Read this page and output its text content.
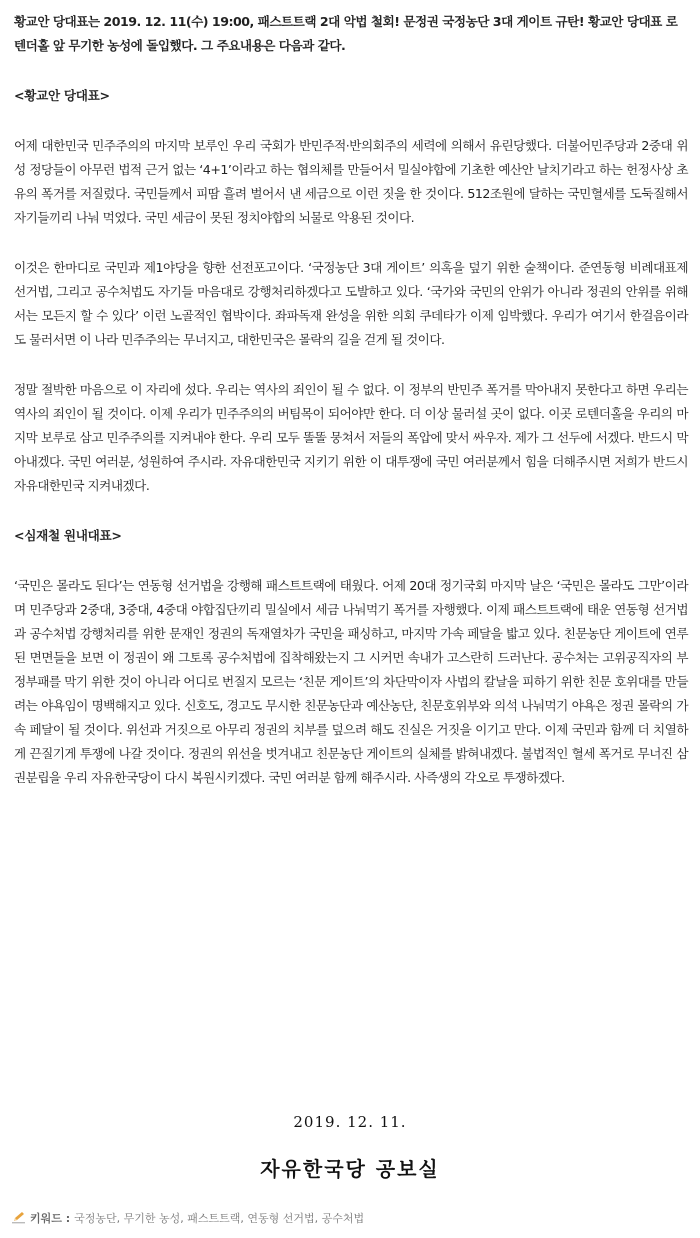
황교안 당대표는 2019. 12. 11(수) 19:00, 패스트트랙 2대 악법 철회! 문정권 국정농단 3대 게이트 규탄! 황교안 당대표 로텐더홀 앞 무기한 농성에 돌입했다. 그 주요내용은 다음과 같다.

<황교안 당대표>

어제 대한민국 민주주의의 마지막 보루인 우리 국회가 반민주적·반의회주의 세력에 의해서 유린당했다. 더불어민주당과 2중대 위성 정당들이 아무런 법적 근거 없는 ‘4+1’이라고 하는 협의체를 만들어서 밀실야합에 기초한 예산안 날치기라고 하는 헌정사상 초유의 폭거를 저질렀다. 국민들께서 피땀 흘려 벌어서 낸 세금으로 이런 짓을 한 것이다. 512조원에 달하는 국민혈세를 도둑질해서 자기들끼리 나눠 먹었다. 국민 세금이 못된 정치야합의 뇌물로 악용된 것이다.

이것은 한마디로 국민과 제1야당을 향한 선전포고이다. ‘국정농단 3대 게이트’ 의혹을 덮기 위한 술책이다. 준연동형 비례대표제 선거법, 그리고 공수처법도 자기들 마음대로 강행처리하겠다고 도발하고 있다. ‘국가와 국민의 안위가 아니라 정권의 안위를 위해서는 모든지 할 수 있다’ 이런 노골적인 협박이다. 좌파독재 완성을 위한 의회 쿠데타가 이제 임박했다. 우리가 여기서 한걸음이라도 물러서면 이 나라 민주주의는 무너지고, 대한민국은 몰락의 길을 걷게 될 것이다.

정말 절박한 마음으로 이 자리에 섰다. 우리는 역사의 죄인이 될 수 없다. 이 정부의 반민주 폭거를 막아내지 못한다고 하면 우리는 역사의 죄인이 될 것이다. 이제 우리가 민주주의의 버팀목이 되어야만 한다. 더 이상 물러설 곳이 없다. 이곳 로텐더홀을 우리의 마지막 보루로 삼고 민주주의를 지켜내야 한다. 우리 모두 똘똘 뭉쳐서 저들의 폭압에 맞서 싸우자. 제가 그 선두에 서겠다. 반드시 막아내겠다. 국민 여러분, 성원하여 주시라. 자유대한민국 지키기 위한 이 대투쟁에 국민 여러분께서 힘을 더해주시면 저희가 반드시 자유대한민국 지켜내겠다.

<심재철 원내대표>

‘국민은 몰라도 된다’는 연동형 선거법을 강행해 패스트트랙에 태웠다. 어제 20대 정기국회 마지막 날은 ‘국민은 몰라도 그만’이라며 민주당과 2중대, 3중대, 4중대 야합집단끼리 밀실에서 세금 나눠먹기 폭거를 자행했다. 이제 패스트트랙에 태운 연동형 선거법과 공수처법 강행처리를 위한 문재인 정권의 독재열차가 국민을 패싱하고, 마지막 가속 페달을 밟고 있다. 친문농단 게이트에 연루된 면면들을 보면 이 정권이 왜 그토록 공수처법에 집착해왔는지 그 시커먼 속내가 고스란히 드러난다. 공수처는 고위공직자의 부정부패를 막기 위한 것이 아니라 어디로 번질지 모르는 ‘친문 게이트’의 차단막이자 사법의 칼날을 피하기 위한 친문 호위대를 만들려는 야욕임이 명백해지고 있다. 신호도, 경고도 무시한 친문농단과 예산농단, 친문호위부와 의석 나눠먹기 야욕은 정권 몰락의 가속 페달이 될 것이다. 위선과 거짓으로 아무리 정권의 치부를 덮으려 해도 진실은 거짓을 이기고 만다. 이제 국민과 함께 더 치열하게 끈질기게 투쟁에 나갈 것이다. 정권의 위선을 벗겨내고 친문농단 게이트의 실체를 밝혀내겠다. 불법적인 혈세 폭거로 무너진 삼권분립을 우리 자유한국당이 다시 복원시키겠다. 국민 여러분 함께 해주시라. 사즉생의 각오로 투쟁하겠다.

2019. 12. 11.
자유한국당 공보실
키워드 : 국정농단, 무기한 농성, 패스트트랙, 연동형 선거법, 공수처법
